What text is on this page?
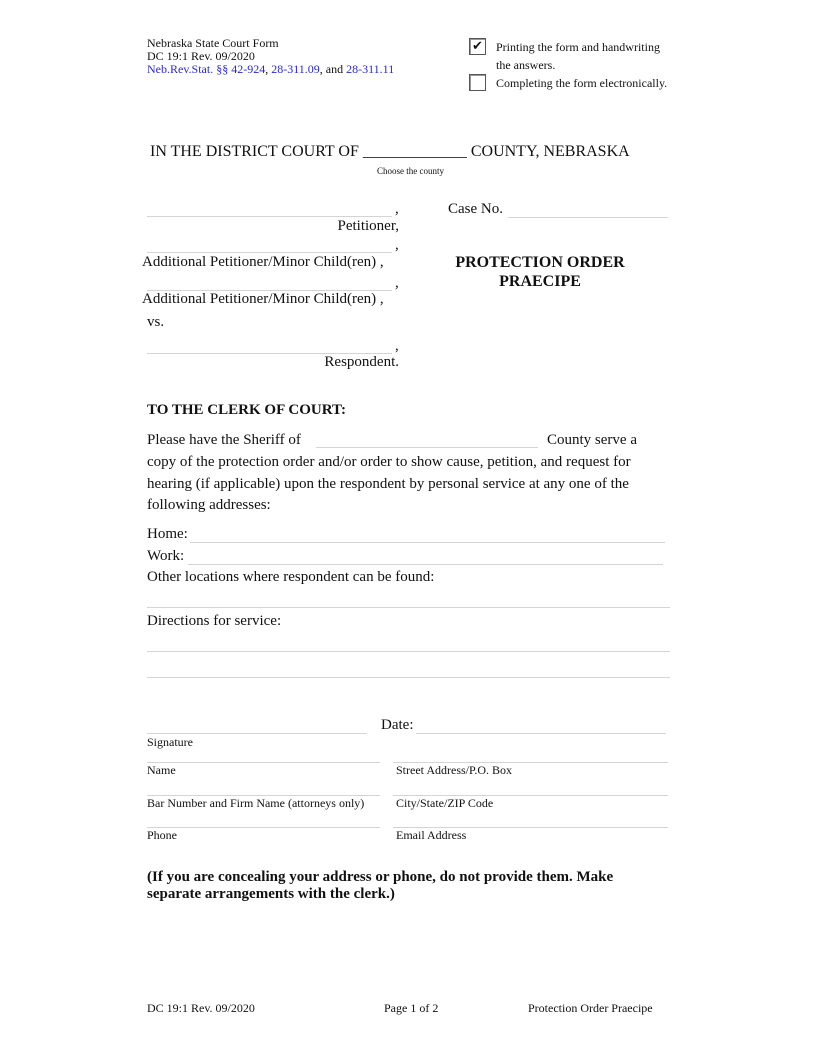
Nebraska State Court Form
DC 19:1 Rev. 09/2020
Neb.Rev.Stat. §§ 42-924, 28-311.09, and 28-311.11
✔ Printing the form and handwriting
the answers.
Completing the form electronically.
IN THE DISTRICT COURT OF _____________ COUNTY, NEBRASKA
Choose the county
,
Petitioner,
,
Additional Petitioner/Minor Child(ren) ,
,
Additional Petitioner/Minor Child(ren) ,
vs.
,
Respondent.
Case No.
PROTECTION ORDER
PRAECIPE
TO THE CLERK OF COURT:
Please have the Sheriff of	County serve a
copy of the protection order and/or order to show cause, petition, and request for
hearing (if applicable) upon the respondent by personal service at any one of the
following addresses:
Home:
Work:
Other locations where respondent can be found:
Directions for service:
Date:
Signature
Name	Street Address/P.O. Box
Bar Number and Firm Name (attorneys only)	City/State/ZIP Code
Phone	Email Address
(If you are concealing your address or phone, do not provide them. Make
separate arrangements with the clerk.)
DC 19:1 Rev. 09/2020	Page 1 of 2	Protection Order Praecipe
